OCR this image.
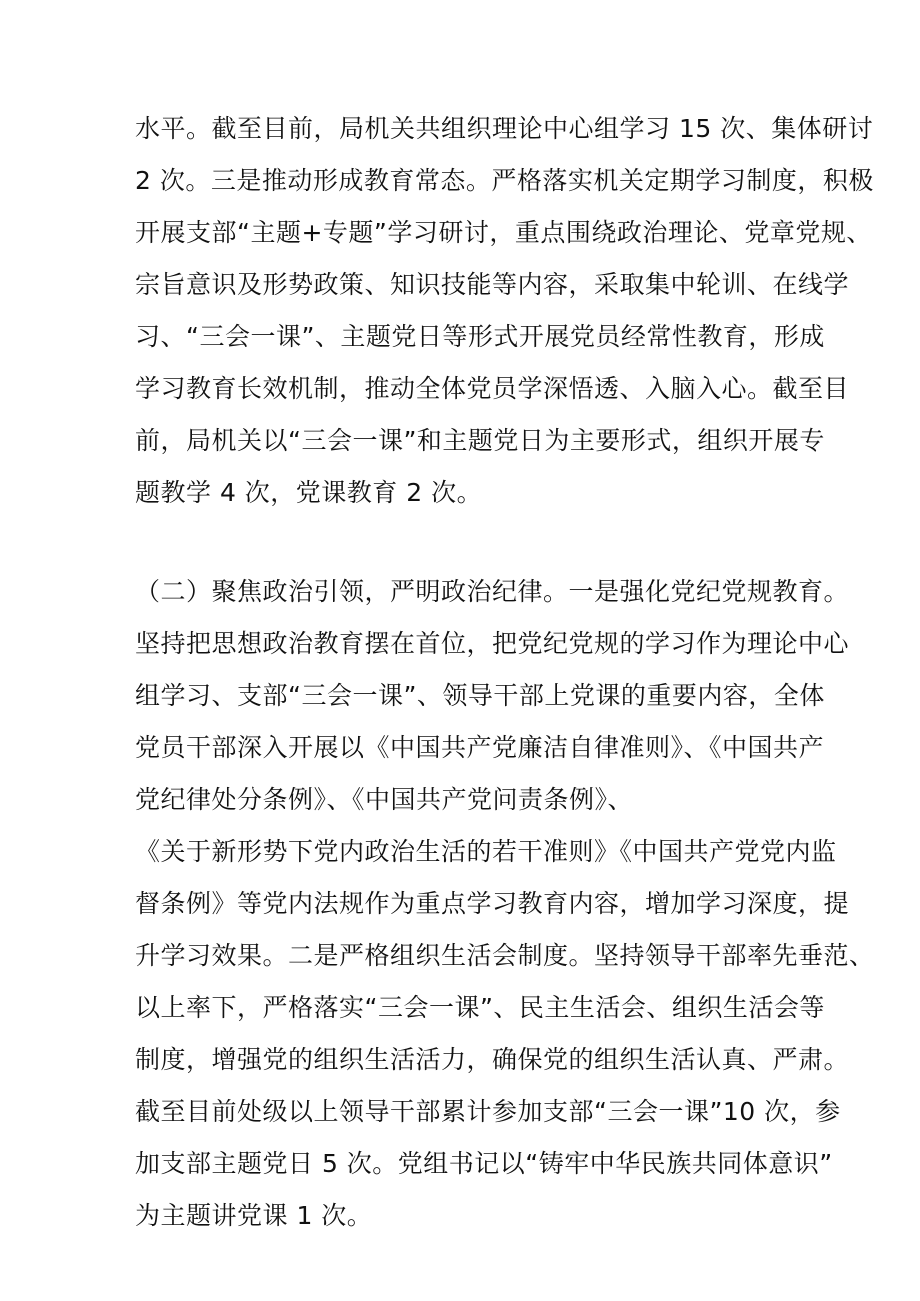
水平。截至目前，局机关共组织理论中心组学习 15 次、集体研讨

2 次。三是推动形成教育常态。严格落实机关定期学习制度，积极

开展支部“主题+专题”学习研讨，重点围绕政治理论、党章党规、

宗旨意识及形势政策、知识技能等内容，采取集中轮训、在线学

习、“三会一课”、主题党日等形式开展党员经常性教育，形成

学习教育长效机制，推动全体党员学深悟透、入脑入心。截至目

前，局机关以“三会一课”和主题党日为主要形式，组织开展专

题教学 4 次，党课教育 2 次。

（二）聚焦政治引领，严明政治纪律。一是强化党纪党规教育。

坚持把思想政治教育摆在首位，把党纪党规的学习作为理论中心

组学习、支部“三会一课”、领导干部上党课的重要内容，全体

党员干部深入开展以《中国共产党廉洁自律准则》、《中国共产

党纪律处分条例》、《中国共产党问责条例》、

《关于新形势下党内政治生活的若干准则》《中国共产党党内监

督条例》等党内法规作为重点学习教育内容，增加学习深度，提

升学习效果。二是严格组织生活会制度。坚持领导干部率先垂范、

以上率下，严格落实“三会一课”、民主生活会、组织生活会等

制度，增强党的组织生活活力，确保党的组织生活认真、严肃。

截至目前处级以上领导干部累计参加支部“三会一课”10 次，参

加支部主题党日 5 次。党组书记以“铸牢中华民族共同体意识”

为主题讲党课 1 次。
